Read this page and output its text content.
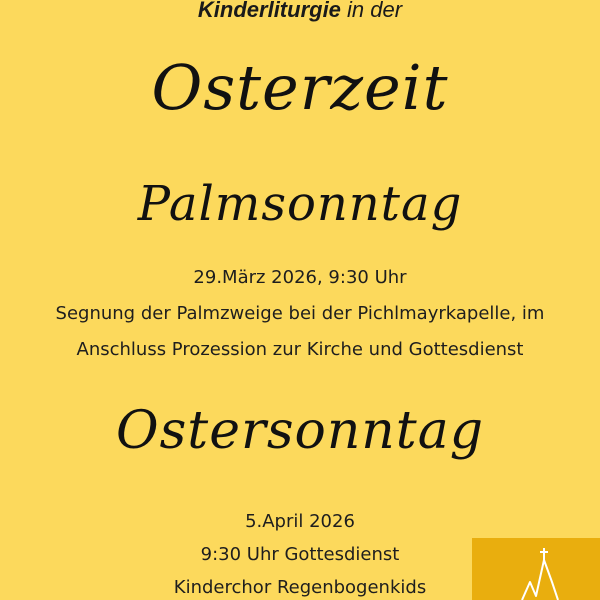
Kinderliturgie in der
Osterzeit
Palmsonntag
29.März 2026, 9:30 Uhr
Segnung der Palmzweige bei der Pichlmayrkapelle, im
Anschluss Prozession zur Kirche und Gottesdienst
Ostersonntag
5.April 2026
9:30 Uhr Gottesdienst
Kinderchor Regenbogenkids
